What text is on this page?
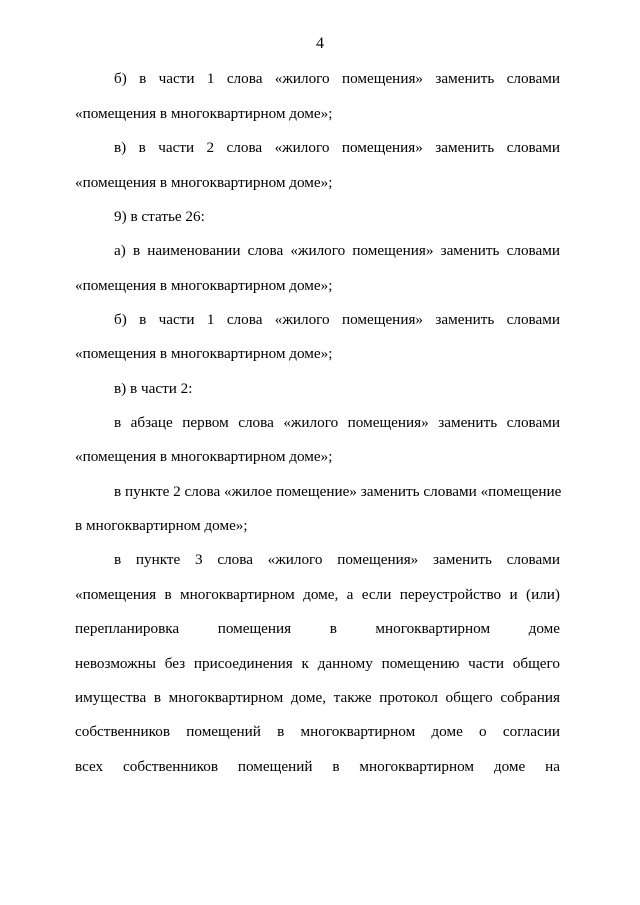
4
б) в части 1 слова «жилого помещения» заменить словами
«помещения в многоквартирном доме»;
в) в части 2 слова «жилого помещения» заменить словами
«помещения в многоквартирном доме»;
9) в статье 26:
а) в наименовании слова «жилого помещения» заменить словами
«помещения в многоквартирном доме»;
б) в части 1 слова «жилого помещения» заменить словами
«помещения в многоквартирном доме»;
в) в части 2:
в абзаце первом слова «жилого помещения» заменить словами
«помещения в многоквартирном доме»;
в пункте 2 слова «жилое помещение» заменить словами «помещение
в многоквартирном доме»;
в пункте 3 слова «жилого помещения» заменить словами
«помещения в многоквартирном доме, а если переустройство и (или)
перепланировка помещения в многоквартирном доме
невозможны без присоединения к данному помещению части общего
имущества в многоквартирном доме, также протокол общего собрания
собственников помещений в многоквартирном доме о согласии
всех собственников помещений в многоквартирном доме на
